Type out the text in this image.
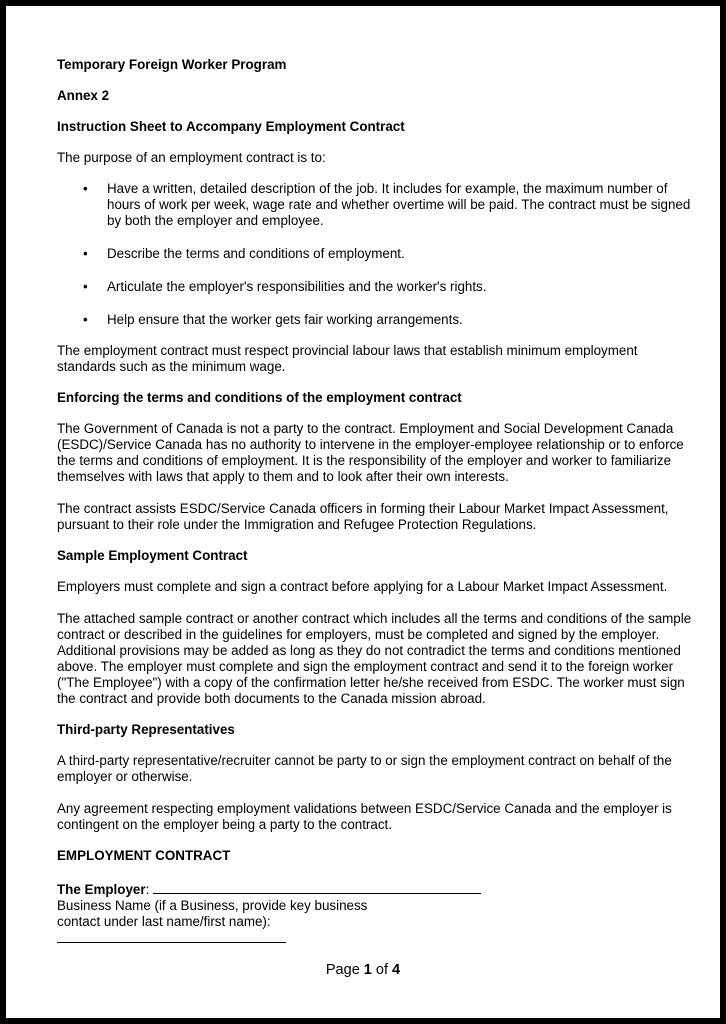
Temporary Foreign Worker Program

Annex 2

Instruction Sheet to Accompany Employment Contract

The purpose of an employment contract is to:

• Have a written, detailed description of the job. It includes for example, the maximum number of hours of work per week, wage rate and whether overtime will be paid. The contract must be signed by both the employer and employee.
• Describe the terms and conditions of employment.
• Articulate the employer's responsibilities and the worker's rights.
• Help ensure that the worker gets fair working arrangements.

The employment contract must respect provincial labour laws that establish minimum employment standards such as the minimum wage.

Enforcing the terms and conditions of the employment contract

The Government of Canada is not a party to the contract. Employment and Social Development Canada (ESDC)/Service Canada has no authority to intervene in the employer-employee relationship or to enforce the terms and conditions of employment. It is the responsibility of the employer and worker to familiarize themselves with laws that apply to them and to look after their own interests.

The contract assists ESDC/Service Canada officers in forming their Labour Market Impact Assessment, pursuant to their role under the Immigration and Refugee Protection Regulations.

Sample Employment Contract

Employers must complete and sign a contract before applying for a Labour Market Impact Assessment.

The attached sample contract or another contract which includes all the terms and conditions of the sample contract or described in the guidelines for employers, must be completed and signed by the employer. Additional provisions may be added as long as they do not contradict the terms and conditions mentioned above. The employer must complete and sign the employment contract and send it to the foreign worker ("The Employee") with a copy of the confirmation letter he/she received from ESDC. The worker must sign the contract and provide both documents to the Canada mission abroad.

Third-party Representatives

A third-party representative/recruiter cannot be party to or sign the employment contract on behalf of the employer or otherwise.

Any agreement respecting employment validations between ESDC/Service Canada and the employer is contingent on the employer being a party to the contract.

EMPLOYMENT CONTRACT

The Employer:

Business Name (if a Business, provide key business

contact under last name/first name):

Page 1 of 4
